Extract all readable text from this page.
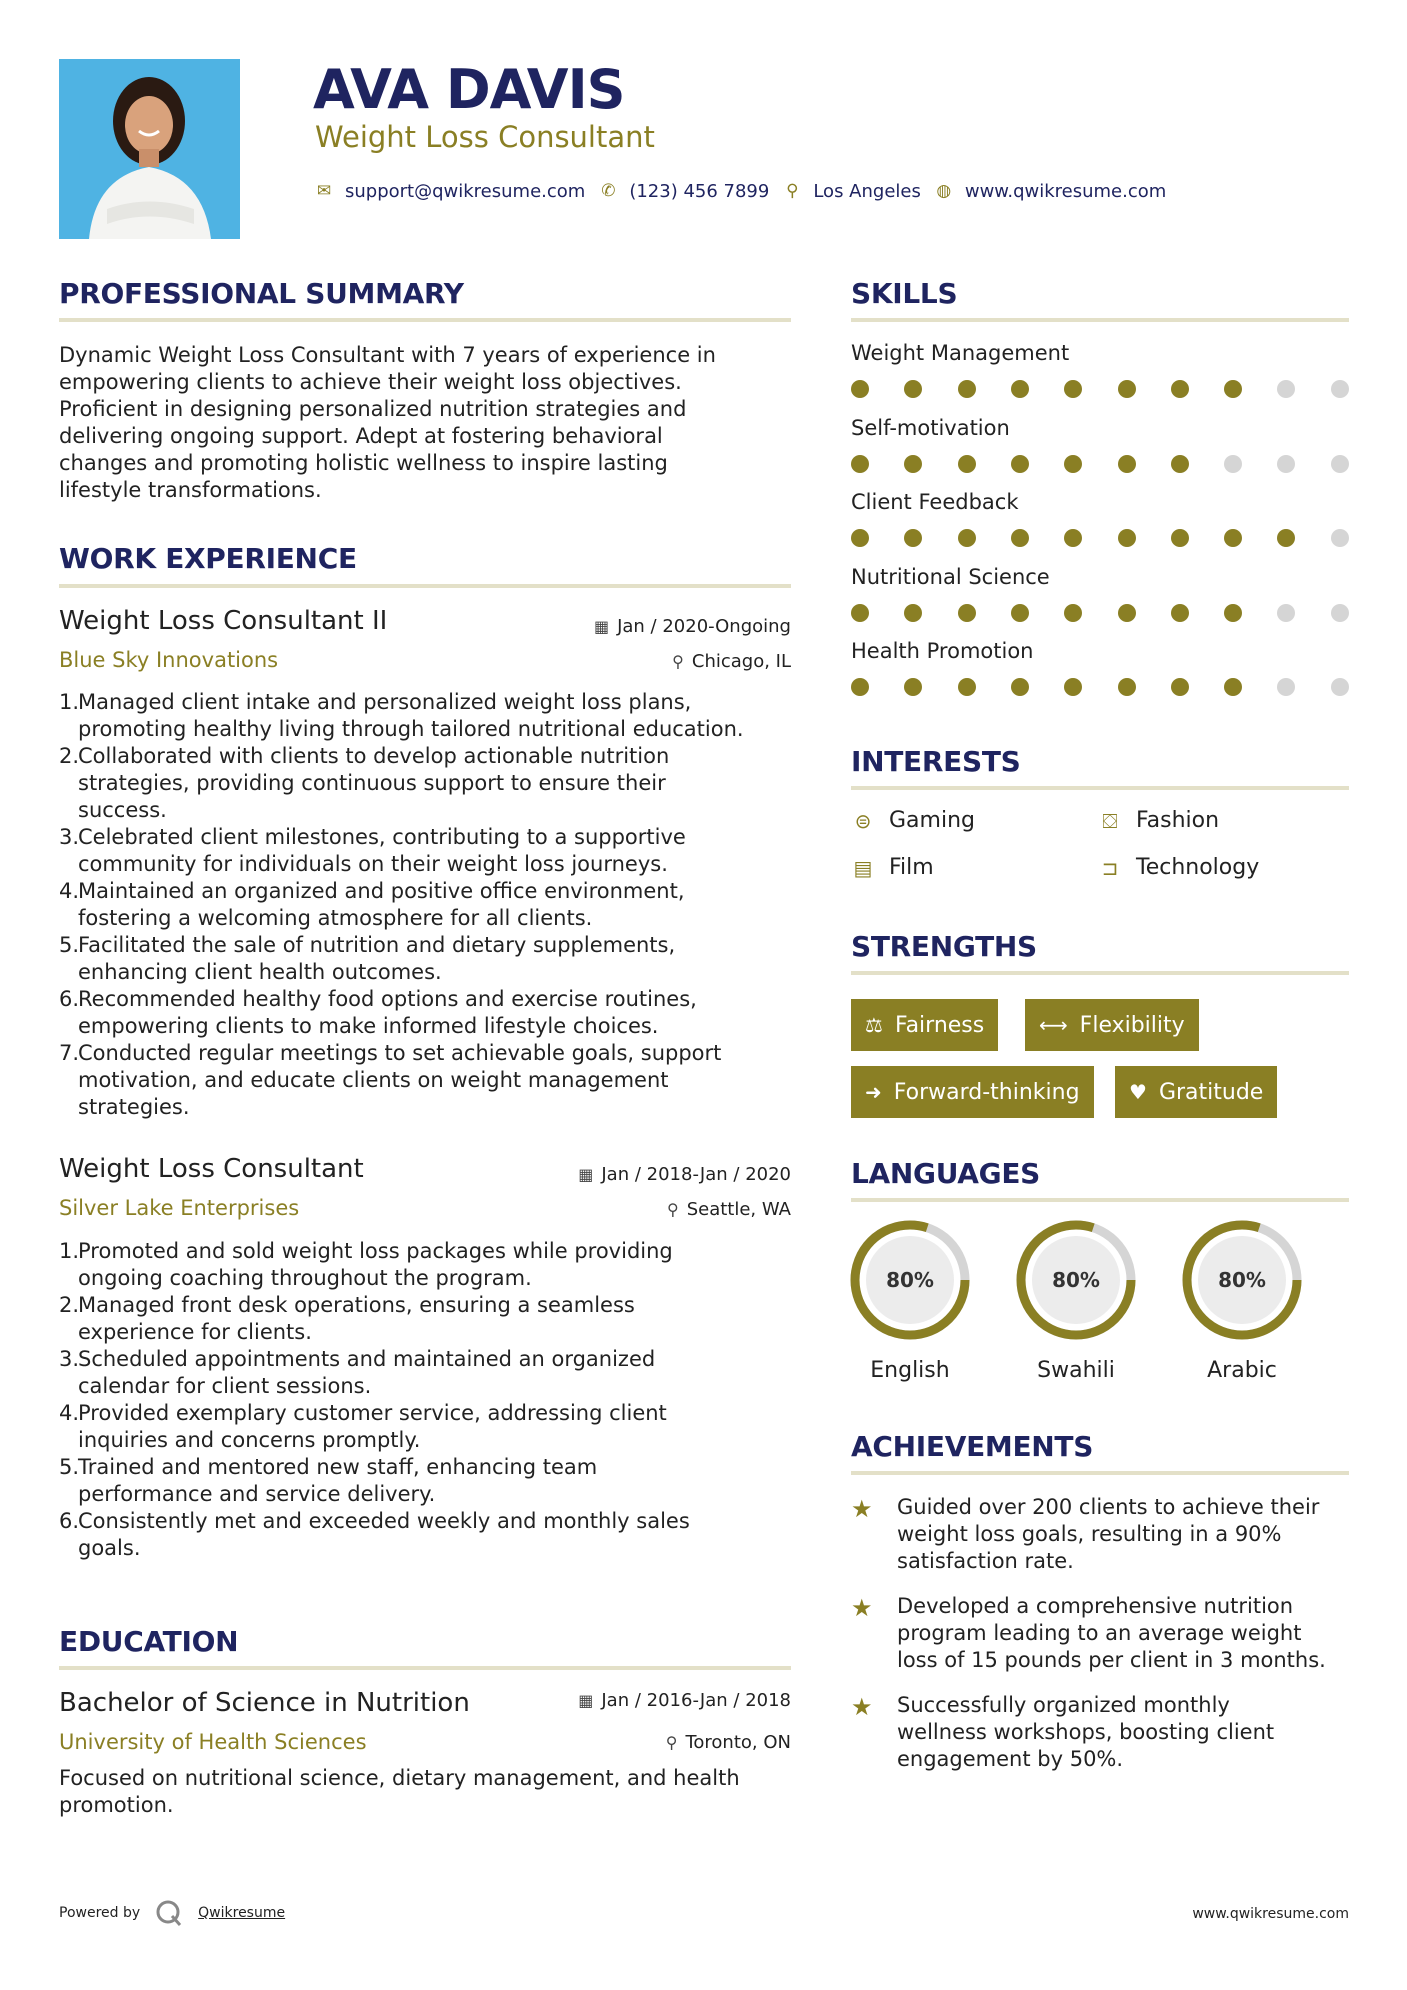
AVA DAVIS
Weight Loss Consultant
✉ support@qwikresume.com ✆ (123) 456 7899 ⚲ Los Angeles ◍ www.qwikresume.com
PROFESSIONAL SUMMARY
Dynamic Weight Loss Consultant with 7 years of experience in
empowering clients to achieve their weight loss objectives.
Proficient in designing personalized nutrition strategies and
delivering ongoing support. Adept at fostering behavioral
changes and promoting holistic wellness to inspire lasting
lifestyle transformations.
WORK EXPERIENCE
Weight Loss Consultant II	▦ Jan / 2020-Ongoing
Blue Sky Innovations	⚲ Chicago, IL
1.
Managed client intake and personalized weight loss plans,
promoting healthy living through tailored nutritional education.
2.
Collaborated with clients to develop actionable nutrition
strategies, providing continuous support to ensure their
success.
3.
Celebrated client milestones, contributing to a supportive
community for individuals on their weight loss journeys.
4.
Maintained an organized and positive office environment,
fostering a welcoming atmosphere for all clients.
5.
Facilitated the sale of nutrition and dietary supplements,
enhancing client health outcomes.
6.
Recommended healthy food options and exercise routines,
empowering clients to make informed lifestyle choices.
7.
Conducted regular meetings to set achievable goals, support
motivation, and educate clients on weight management
strategies.
Weight Loss Consultant	▦ Jan / 2018-Jan / 2020
Silver Lake Enterprises	⚲ Seattle, WA
1.
Promoted and sold weight loss packages while providing
ongoing coaching throughout the program.
2.
Managed front desk operations, ensuring a seamless
experience for clients.
3.
Scheduled appointments and maintained an organized
calendar for client sessions.
4.
Provided exemplary customer service, addressing client
inquiries and concerns promptly.
5.
Trained and mentored new staff, enhancing team
performance and service delivery.
6.
Consistently met and exceeded weekly and monthly sales
goals.
EDUCATION
Bachelor of Science in Nutrition	▦ Jan / 2016-Jan / 2018
University of Health Sciences	⚲ Toronto, ON
Focused on nutritional science, dietary management, and health
promotion.
SKILLS
Weight Management
Self-motivation
Client Feedback
Nutritional Science
Health Promotion
INTERESTS
⊜ Gaming	⛋ Fashion
▤ Film	⊐ Technology
STRENGTHS
⚖ Fairness	⟷ Flexibility
➜ Forward-thinking ♥ Gratitude
LANGUAGES
80%
English
80%
Swahili
80%
Arabic
ACHIEVEMENTS
★	Guided over 200 clients to achieve their
weight loss goals, resulting in a 90%
satisfaction rate.
★	Developed a comprehensive nutrition
program leading to an average weight
loss of 15 pounds per client in 3 months.
★	Successfully organized monthly
wellness workshops, boosting client
engagement by 50%.
Powered by	Qwikresume	www.qwikresume.com
